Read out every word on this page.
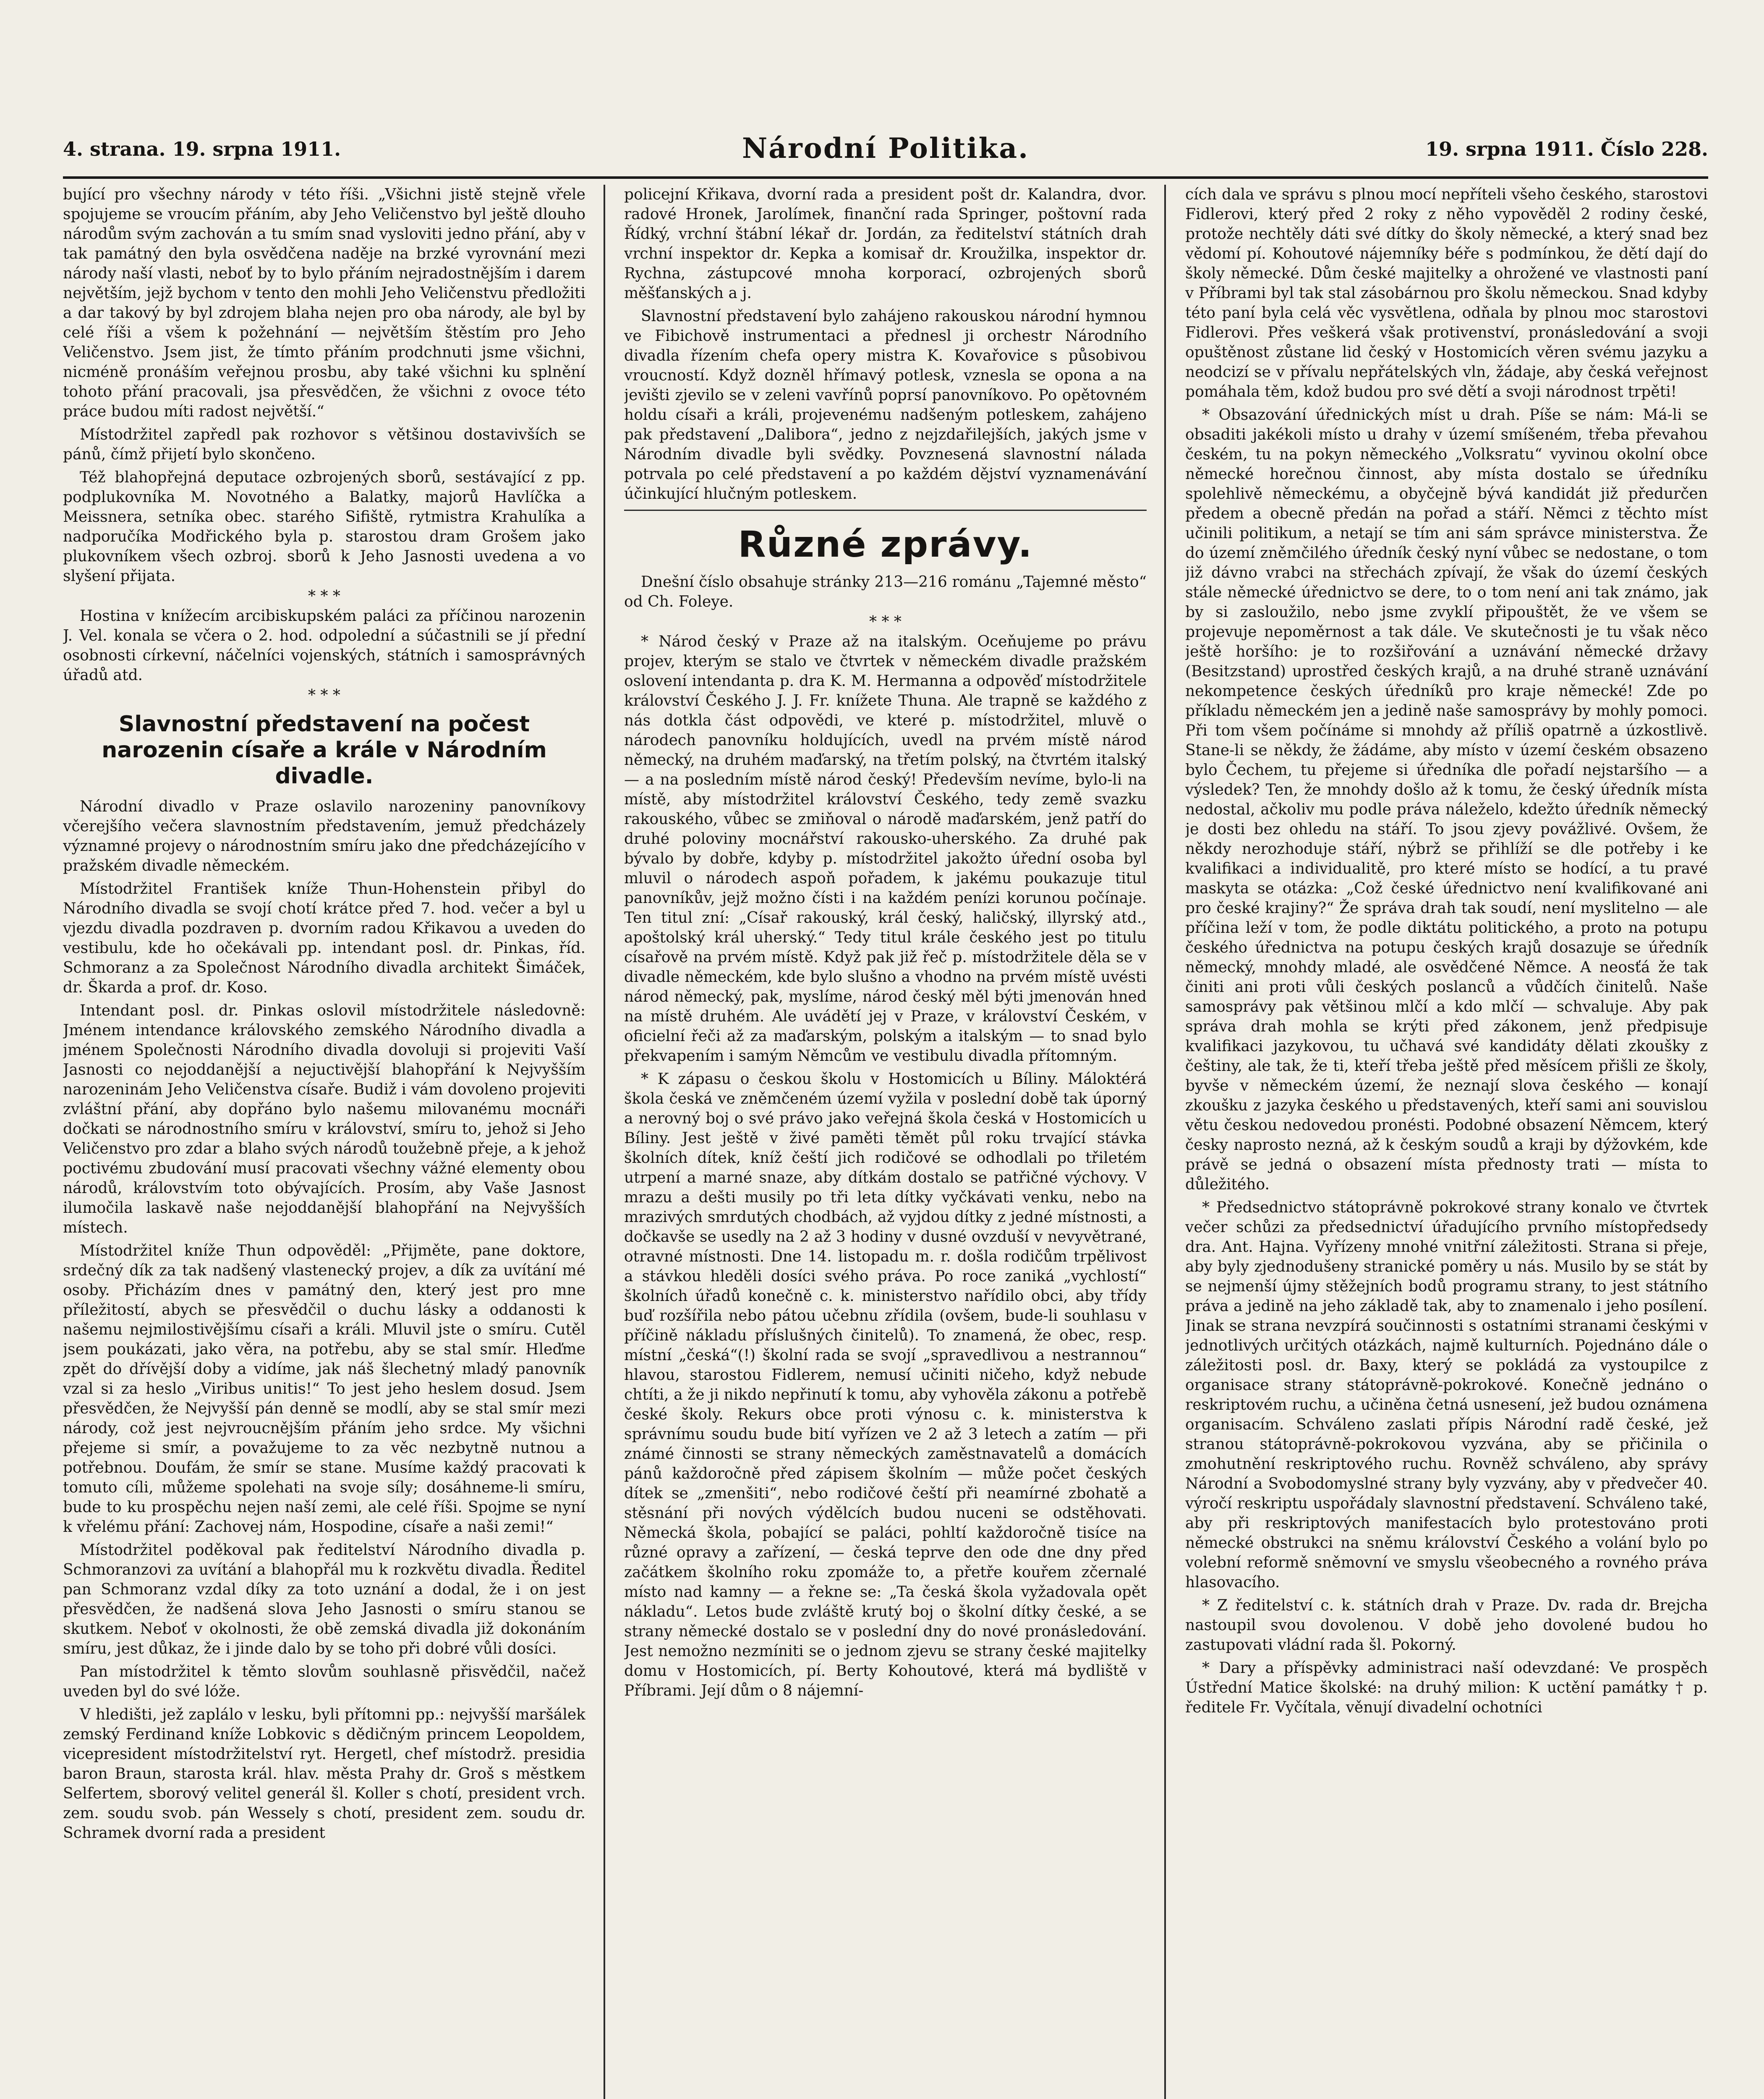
4. strana. 19. srpna 1911.	Národní Politika.	19. srpna 1911. Číslo 228.

bující pro všechny národy v této říši. „Všichni jistě stejně vřele spojujeme se vroucím přáním, aby Jeho Veličenstvo byl ještě dlouho národům svým zachován a tu smím snad vysloviti jedno přání, aby v tak památný den byla osvědčena naděje na brzké vyrovnání mezi národy naší vlasti, neboť by to bylo přáním nejradostnějším i darem největším, jejž bychom v tento den mohli Jeho Veličenstvu předložiti a dar takový by byl zdrojem blaha nejen pro oba národy, ale byl by celé říši a všem k požehnání — největším štěstím pro Jeho Veličenstvo. Jsem jist, že tímto přáním prodchnuti jsme všichni, nicméně pronáším veřejnou prosbu, aby také všichni ku splnění tohoto přání pracovali, jsa přesvědčen, že všichni z ovoce této práce budou míti radost největší.“

Místodržitel zapředl pak rozhovor s většinou dostavivších se pánů, čímž přijetí bylo skončeno.

Též blahopřejná deputace ozbrojených sborů, sestávající z pp. podplukovníka M. Novotného a Balatky, majorů Havlíčka a Meissnera, setníka obec. starého Sifiště, rytmistra Krahulíka a nadporučíka Modřického byla p. starostou dram Grošem jako plukovníkem všech ozbroj. sborů k Jeho Jasnosti uvedena a vo slyšení přijata.

* * *

Hostina v knížecím arcibiskupském paláci za příčinou narozenin J. Vel. konala se včera o 2. hod. odpolední a súčastnili se jí přední osobnosti církevní, náčelníci vojenských, státních i samosprávných úřadů atd.

* * *
Slavnostní představení na počest narozenin císaře a krále v Národním divadle.

Národní divadlo v Praze oslavilo narozeniny panovníkovy včerejšího večera slavnostním představením, jemuž předcházely významné projevy o národnostním smíru jako dne předcházejícího v pražském divadle německém.

Místodržitel František kníže Thun-Hohenstein přibyl do Národního divadla se svojí chotí krátce před 7. hod. večer a byl u vjezdu divadla pozdraven p. dvorním radou Křikavou a uveden do vestibulu, kde ho očekávali pp. intendant posl. dr. Pinkas, říd. Schmoranz a za Společnost Národního divadla architekt Šimáček, dr. Škarda a prof. dr. Koso.

Intendant posl. dr. Pinkas oslovil místodržitele následovně: Jménem intendance královského zemského Národního divadla a jménem Společnosti Národního divadla dovoluji si projeviti Vaší Jasnosti co nejoddanější a nejuctivější blahopřání k Nejvyšším narozeninám Jeho Veličenstva císaře. Budiž i vám dovoleno projeviti zvláštní přání, aby dopřáno bylo našemu milovanému mocnáři dočkati se národnostního smíru v království, smíru to, jehož si Jeho Veličenstvo pro zdar a blaho svých národů toužebně přeje, a k jehož poctivému zbudování musí pracovati všechny vážné elementy obou národů, královstvím toto obývajících. Prosím, aby Vaše Jasnost ilumočila laskavě naše nejoddanější blahopřání na Nejvyšších místech.

Místodržitel kníže Thun odpověděl: „Přijměte, pane doktore, srdečný dík za tak nadšený vlastenecký projev, a dík za uvítání mé osoby. Přicházím dnes v památný den, který jest pro mne příležitostí, abych se přesvědčil o duchu lásky a oddanosti k našemu nejmilostivějšímu císaři a králi. Mluvil jste o smíru. Cutěl jsem poukázati, jako věra, na potřebu, aby se stal smír. Hleďme zpět do dřívější doby a vidíme, jak náš šlechetný mladý panovník vzal si za heslo „Viribus unitis!“ To jest jeho heslem dosud. Jsem přesvědčen, že Nejvyšší pán denně se modlí, aby se stal smír mezi národy, což jest nejvroucnějším přáním jeho srdce. My všichni přejeme si smír, a považujeme to za věc nezbytně nutnou a potřebnou. Doufám, že smír se stane. Musíme každý pracovati k tomuto cíli, můžeme spolehati na svoje síly; dosáhneme-li smíru, bude to ku prospěchu nejen naší zemi, ale celé říši. Spojme se nyní k vřelému přání: Zachovej nám, Hospodine, císaře a naši zemi!“

Místodržitel poděkoval pak ředitelství Národního divadla p. Schmoranzovi za uvítání a blahopřál mu k rozkvětu divadla. Ředitel pan Schmoranz vzdal díky za toto uznání a dodal, že i on jest přesvědčen, že nadšená slova Jeho Jasnosti o smíru stanou se skutkem. Neboť v okolnosti, že obě zemská divadla již dokonáním smíru, jest důkaz, že i jinde dalo by se toho při dobré vůli dosíci.

Pan místodržitel k těmto slovům souhlasně přisvědčil, načež uveden byl do své lóže.

V hledišti, jež zaplálo v lesku, byli přítomni pp.: nejvyšší maršálek zemský Ferdinand kníže Lobkovic s dědičným princem Leopoldem, vicepresident místodržitelství ryt. Hergetl, chef místodrž. presidia baron Braun, starosta král. hlav. města Prahy dr. Groš s městkem Selfertem, sborový velitel generál šl. Koller s chotí, president vrch. zem. soudu svob. pán Wessely s chotí, president zem. soudu dr. Schramek dvorní rada a president

policejní Křikava, dvorní rada a president pošt dr. Kalandra, dvor. radové Hronek, Jarolímek, finanční rada Springer, poštovní rada Řídký, vrchní štábní lékař dr. Jordán, za ředitelství státních drah vrchní inspektor dr. Kepka a komisař dr. Kroužilka, inspektor dr. Rychna, zástupcové mnoha korporací, ozbrojených sborů měšťanských a j.

Slavnostní představení bylo zahájeno rakouskou národní hymnou ve Fibichově instrumentaci a přednesl ji orchestr Národního divadla řízením chefa opery mistra K. Kovařovice s působivou vroucností. Když dozněl hřímavý potlesk, vznesla se opona a na jevišti zjevilo se v zeleni vavřínů poprsí panovníkovo. Po opětovném holdu císaři a králi, projevenému nadšeným potleskem, zahájeno pak představení „Daliborа“, jedno z nejzdařilejších, jakých jsme v Národním divadle byli svědky. Povznesená slavnostní nálada potrvala po celé představení a po každém dějství vyznamenávání účinkující hlučným potleskem.

Různé zprávy.

Dnešní číslo obsahuje stránky 213—216 románu „Tajemné město“ od Ch. Foleye.

* * *

* Národ český v Praze až na italským. Oceňujeme po právu projev, kterým se stalo ve čtvrtek v německém divadle pražském oslovení intendanta p. dra K. M. Hermanna a odpověď místodržitele království Českého J. J. Fr. knížete Thuna. Ale trapně se každého z nás dotkla část odpovědi, ve které p. místodržitel, mluvě o národech panovníku holdujících, uvedl na prvém místě národ německý, na druhém maďarský, na třetím polský, na čtvrtém italský — a na posledním místě národ český! Především nevíme, bylo-li na místě, aby místodržitel království Českého, tedy země svazku rakouského, vůbec se zmiňoval o národě maďarském, jenž patří do druhé poloviny mocnářství rakousko-uherského. Za druhé pak bývalo by dobře, kdyby p. místodržitel jakožto úřední osoba byl mluvil o národech aspoň pořadem, k jakému poukazuje titul panovníkův, jejž možno čísti i na každém penízi korunou počínaje. Ten titul zní: „Císař rakouský, král český, haličský, illyrský atd., apoštolský král uherský.“ Tedy titul krále českého jest po titulu císařově na prvém místě. Když pak již řeč p. místodržitele děla se v divadle německém, kde bylo slušno a vhodno na prvém místě uvésti národ německý, pak, myslíme, národ český měl býti jmenován hned na místě druhém. Ale uvádětí jej v Praze, v království Českém, v oficielní řeči až za maďarským, polským a italským — to snad bylo překvapením i samým Němcům ve vestibulu divadla přítomným.

* K zápasu o českou školu v Hostomicích u Bíliny. Máloktérá škola česká ve zněmčeném území vyžila v poslední době tak úporný a nerovný boj o své právo jako veřejná škola česká v Hostomicích u Bíliny. Jest ještě v živé paměti těmět půl roku trvající stávka školních dítek, kníž čeští jich rodičové se odhodlali po třiletém utrpení a marné snaze, aby dítkám dostalo se patřičné výchovy. V mrazu a dešti musily po tři leta dítky vyčkávati venku, nebo na mrazivých smrdutých chodbách, až vyjdou dítky z jedné místnosti, a dočkavše se usedly na 2 až 3 hodiny v dusné ovzduší v nevyvětrané, otravné místnosti. Dne 14. listopadu m. r. došla rodičům trpělivost a stávkou hleděli dosíci svého práva. Po roce zaniká „vychlostí“ školních úřadů konečně c. k. ministerstvo nařídilo obci, aby třídy buď rozšířila nebo pátou učebnu zřídila (ovšem, bude-li souhlasu v příčině nákladu příslušných činitelů). To znamená, že obec, resp. místní „česká“(!) školní rada se svojí „spravedlivou a nestrannou“ hlavou, starostou Fidlerem, nemusí učiniti ničeho, když nebude chtíti, a že ji nikdo nepřinutí k tomu, aby vyhověla zákonu a potřebě české školy. Rekurs obce proti výnosu c. k. ministerstva k správnímu soudu bude bití vyřízen ve 2 až 3 letech a zatím — při známé činnosti se strany německých zaměstnavatelů a domácích pánů každoročně před zápisem školním — může počet českých dítek se „zmenšiti“, nebo rodičové čeští při neamírné zbohatě a stěsnání při nových výdělcích budou nuceni se odstěhovati. Německá škola, pobající se paláci, pohltí každoročně tisíce na různé opravy a zařízení, — česká teprve den ode dne dny před začátkem školního roku zpomáže to, a přetře kouřem zčernalé místo nad kamny — a řekne se: „Ta česká škola vyžadovala opět nákladu“. Letos bude zvláště krutý boj o školní dítky české, a se strany německé dostalo se v poslední dny do nové pronásledování. Jest nemožno nezmíniti se o jednom zjevu se strany české majitelky domu v Hostomicích, pí. Berty Kohoutové, která má bydliště v Příbrami. Její dům o 8 nájemní-

cích dala ve správu s plnou mocí nepříteli všeho českého, starostovi Fidlerovi, který před 2 roky z něho vypověděl 2 rodiny české, protože nechtěly dáti své dítky do školy německé, a který snad bez vědomí pí. Kohoutové nájemníky béře s podmínkou, že dětí dají do školy německé. Dům české majitelky a ohrožené ve vlastnosti paní v Příbrami byl tak stal zásobárnou pro školu německou. Snad kdyby této paní byla celá věc vysvětlena, odňala by plnou moc starostovi Fidlerovi. Přes veškerá však protivenství, pronásledování a svoji opuštěnost zůstane lid český v Hostomicích věren svému jazyku a neodcizí se v přívalu nepřátelských vln, žádaje, aby česká veřejnost pomáhala těm, kdož budou pro své dětí a svoji národnost trpěti!

* Obsazování úřednických míst u drah. Píše se nám: Má-li se obsaditi jakékoli místo u drahy v území smíšeném, třeba převahou českém, tu na pokyn německého „Volksratu“ vyvinou okolní obce německé horečnou činnost, aby místa dostalo se úředníku spolehlivě německému, a obyčejně bývá kandidát již předurčen předem a obecně předán na pořad a stáří. Němci z těchto míst učinili politikum, a netají se tím ani sám správce ministerstva. Že do území zněmčilého úředník český nyní vůbec se nedostane, o tom již dávno vrabci na střechách zpívají, že však do území českých stále německé úřednictvo se dere, to o tom není ani tak známo, jak by si zasloužilo, nebo jsme zvyklí připouštět, že ve všem se projevuje nepoměrnost a tak dále. Ve skutečnosti je tu však něco ještě horšího: je to rozšiřování a uznávání německé državy (Besitzstand) uprostřed českých krajů, a na druhé straně uznávání nekompetence českých úředníků pro kraje německé! Zde po příkladu německém jen a jedině naše samosprávy by mohly pomoci. Při tom všem počínáme si mnohdy až příliš opatrně a úzkostlivě. Stane-li se někdy, že žádáme, aby místo v území českém obsazeno bylo Čechem, tu přejeme si úředníka dle pořadí nejstaršího — a výsledek? Ten, že mnohdy došlo až k tomu, že český úředník místa nedostal, ačkoliv mu podle práva náleželo, kdežto úředník německý je dosti bez ohledu na stáří. To jsou zjevy povážlivé. Ovšem, že někdy nerozhoduje stáří, nýbrž se přihlíží se dle potřeby i ke kvalifikaci a individualitě, pro které místo se hodící, a tu pravé maskyta se otázka: „Což české úřednictvo není kvalifikované ani pro české krajiny?“ Že správa drah tak soudí, není myslitelno — ale příčina leží v tom, že podle diktátu politického, a proto na potupu českého úřednictva na potupu českých krajů dosazuje se úředník německý, mnohdy mladé, ale osvědčené Němce. A neosťá že tak činiti ani proti vůli českých poslanců a vůdčích činitelů. Naše samosprávy pak většinou mlčí a kdo mlčí — schvaluje. Aby pak správa drah mohla se krýti před zákonem, jenž předpisuje kvalifikaci jazykovou, tu učhavá své kandidáty dělati zkoušky z češtiny, ale tak, že ti, kteří třeba ještě před měsícem přišli ze školy, byvše v německém území, že neznají slova českého — konají zkoušku z jazyka českého u představených, kteří sami ani souvislou větu českou nedovedou pronésti. Podobné obsazení Němcem, který česky naprosto nezná, až k českým soudů a kraji by dýžovkém, kde právě se jedná o obsazení místa přednosty trati — místa to důležitého.

* Předsednictvo státoprávně pokrokové strany konalo ve čtvrtek večer schůzi za předsednictví úřadujícího prvního místopředsedy dra. Ant. Hajna. Vyřízeny mnohé vnitřní záležitosti. Strana si přeje, aby byly zjednodušeny stranické poměry u nás. Musilo by se stát by se nejmenší újmy stěžejních bodů programu strany, to jest státního práva a jedině na jeho základě tak, aby to znamenalo i jeho posílení. Jinak se strana nevzpírá součinnosti s ostatními stranami českými v jednotlivých určitých otázkách, najmě kulturních. Pojednáno dále o záležitosti posl. dr. Baxy, který se pokládá za vystoupilce z organisace strany státoprávně-pokrokové. Konečně jednáno o reskriptovém ruchu, a učiněna četná usnesení, jež budou oznámena organisacím. Schváleno zaslati přípis Národní radě české, jež stranou státoprávně-pokrokovou vyzvána, aby se přičinila o zmohutnění reskriptového ruchu. Rovněž schváleno, aby správy Národní a Svobodomyslné strany byly vyzvány, aby v předvečer 40. výročí reskriptu uspořádaly slavnostní představení. Schváleno také, aby při reskriptových manifestacích bylo protestováno proti německé obstrukci na sněmu království Českého a volání bylo po volební reformě sněmovní ve smyslu všeobecného a rovného práva hlasovacího.

* Z ředitelství c. k. státních drah v Praze. Dv. rada dr. Brejcha nastoupil svou dovolenou. V době jeho dovolené budou ho zastupovati vládní rada šl. Pokorný.

* Dary a příspěvky administraci naší odevzdané: Ve prospěch Ústřední Matice školské: na druhý milion: K uctění památky † p. ředitele Fr. Vyčítala, věnují divadelní ochotníci
